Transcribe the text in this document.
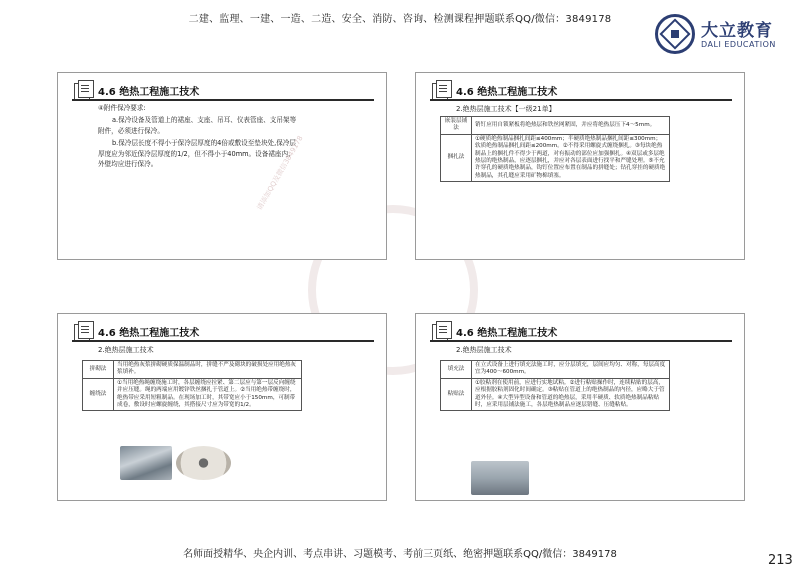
二建、监理、一建、一造、二造、安全、消防、咨询、检测课程押题联系QQ/微信：3849178
大立教育
DALI EDUCATION
4.6 绝热工程施工技术
④附件保冷要求:
a.保冷设备及管道上的裙座、支座、吊耳、仪表管座、支吊架等附件，必须进行保冷。
b.保冷层长度不得小于保冷层厚度的4倍或敷设至垫块处,保冷层厚度应为邻近保冷层厚度的1/2，但不得小于40mm。设备裙座内、外壁均应进行保冷。	请添加QQ及微信3849178
4.6 绝热工程施工技术
2.绝热层施工技术【一级21单】
嵌装层铺法	销钉应用自锁紧板将绝热层和铁丝网紧固，并应将绝热层压下4～5mm。
捆扎法	①硬质绝热制品捆扎间距≤400mm；半硬质绝热制品捆扎间距≤300mm；软质绝热制品捆扎间距≤200mm。②不得采用螺旋式缠绕捆扎。③每块绝热制品上的捆扎件不得少于两道，对有振动的部位应加强捆扎。④双层或多层绝热层的绝热制品，应逐层捆扎，并应对各层表面进行找平和严缝处理。⑤不允许穿孔的硬质绝热制品，钩钉位置应布置在制品的拼缝处；钻孔穿挂的硬质绝热制品，其孔缝应采用矿物棉填塞。
4.6 绝热工程施工技术
2.绝热层施工技术
拼砌法	当用绝热灰浆拼砌硬质保温制品时，拼缝不严及砌块的破损处应用绝热灰浆填补。
缠绕法	①当用绝热绳缠绕施工时，各层缠绕应拉紧、第二层应与第一层反向缠绕并应压缝。绳的两端应用镀锌铁丝捆扎于管道上。②当用绝热带缠绕时，绝热带应采用短粗制品。在现场加工时，其带宽应小于150mm，可制带成卷，敷设时应螺旋缠绕，其搭接尺寸应为带宽的1/2。
4.6 绝热工程施工技术
2.绝热层施工技术
填充法	在立式设备上进行填充法施工时，应分层填充，层间应均匀、对称，每层高度宜为400～600mm。
粘贴法	①胶粘剂在使用前，应进行实地试粘。②进行粘贴操作时，连续粘贴的层高，应根据胶粘剂固化时间确定。③粘贴在管道上的绝热制品的内径，应略大于管道外径。④大型异型设备和管道的绝热层，采用半硬质、软质绝热制品粘贴时，应采用层铺法施工，各层绝热制品应逐层错缝、压缝粘贴。
名师面授精华、央企内训、考点串讲、习题模考、考前三页纸、绝密押题联系QQ/微信：3849178	213
